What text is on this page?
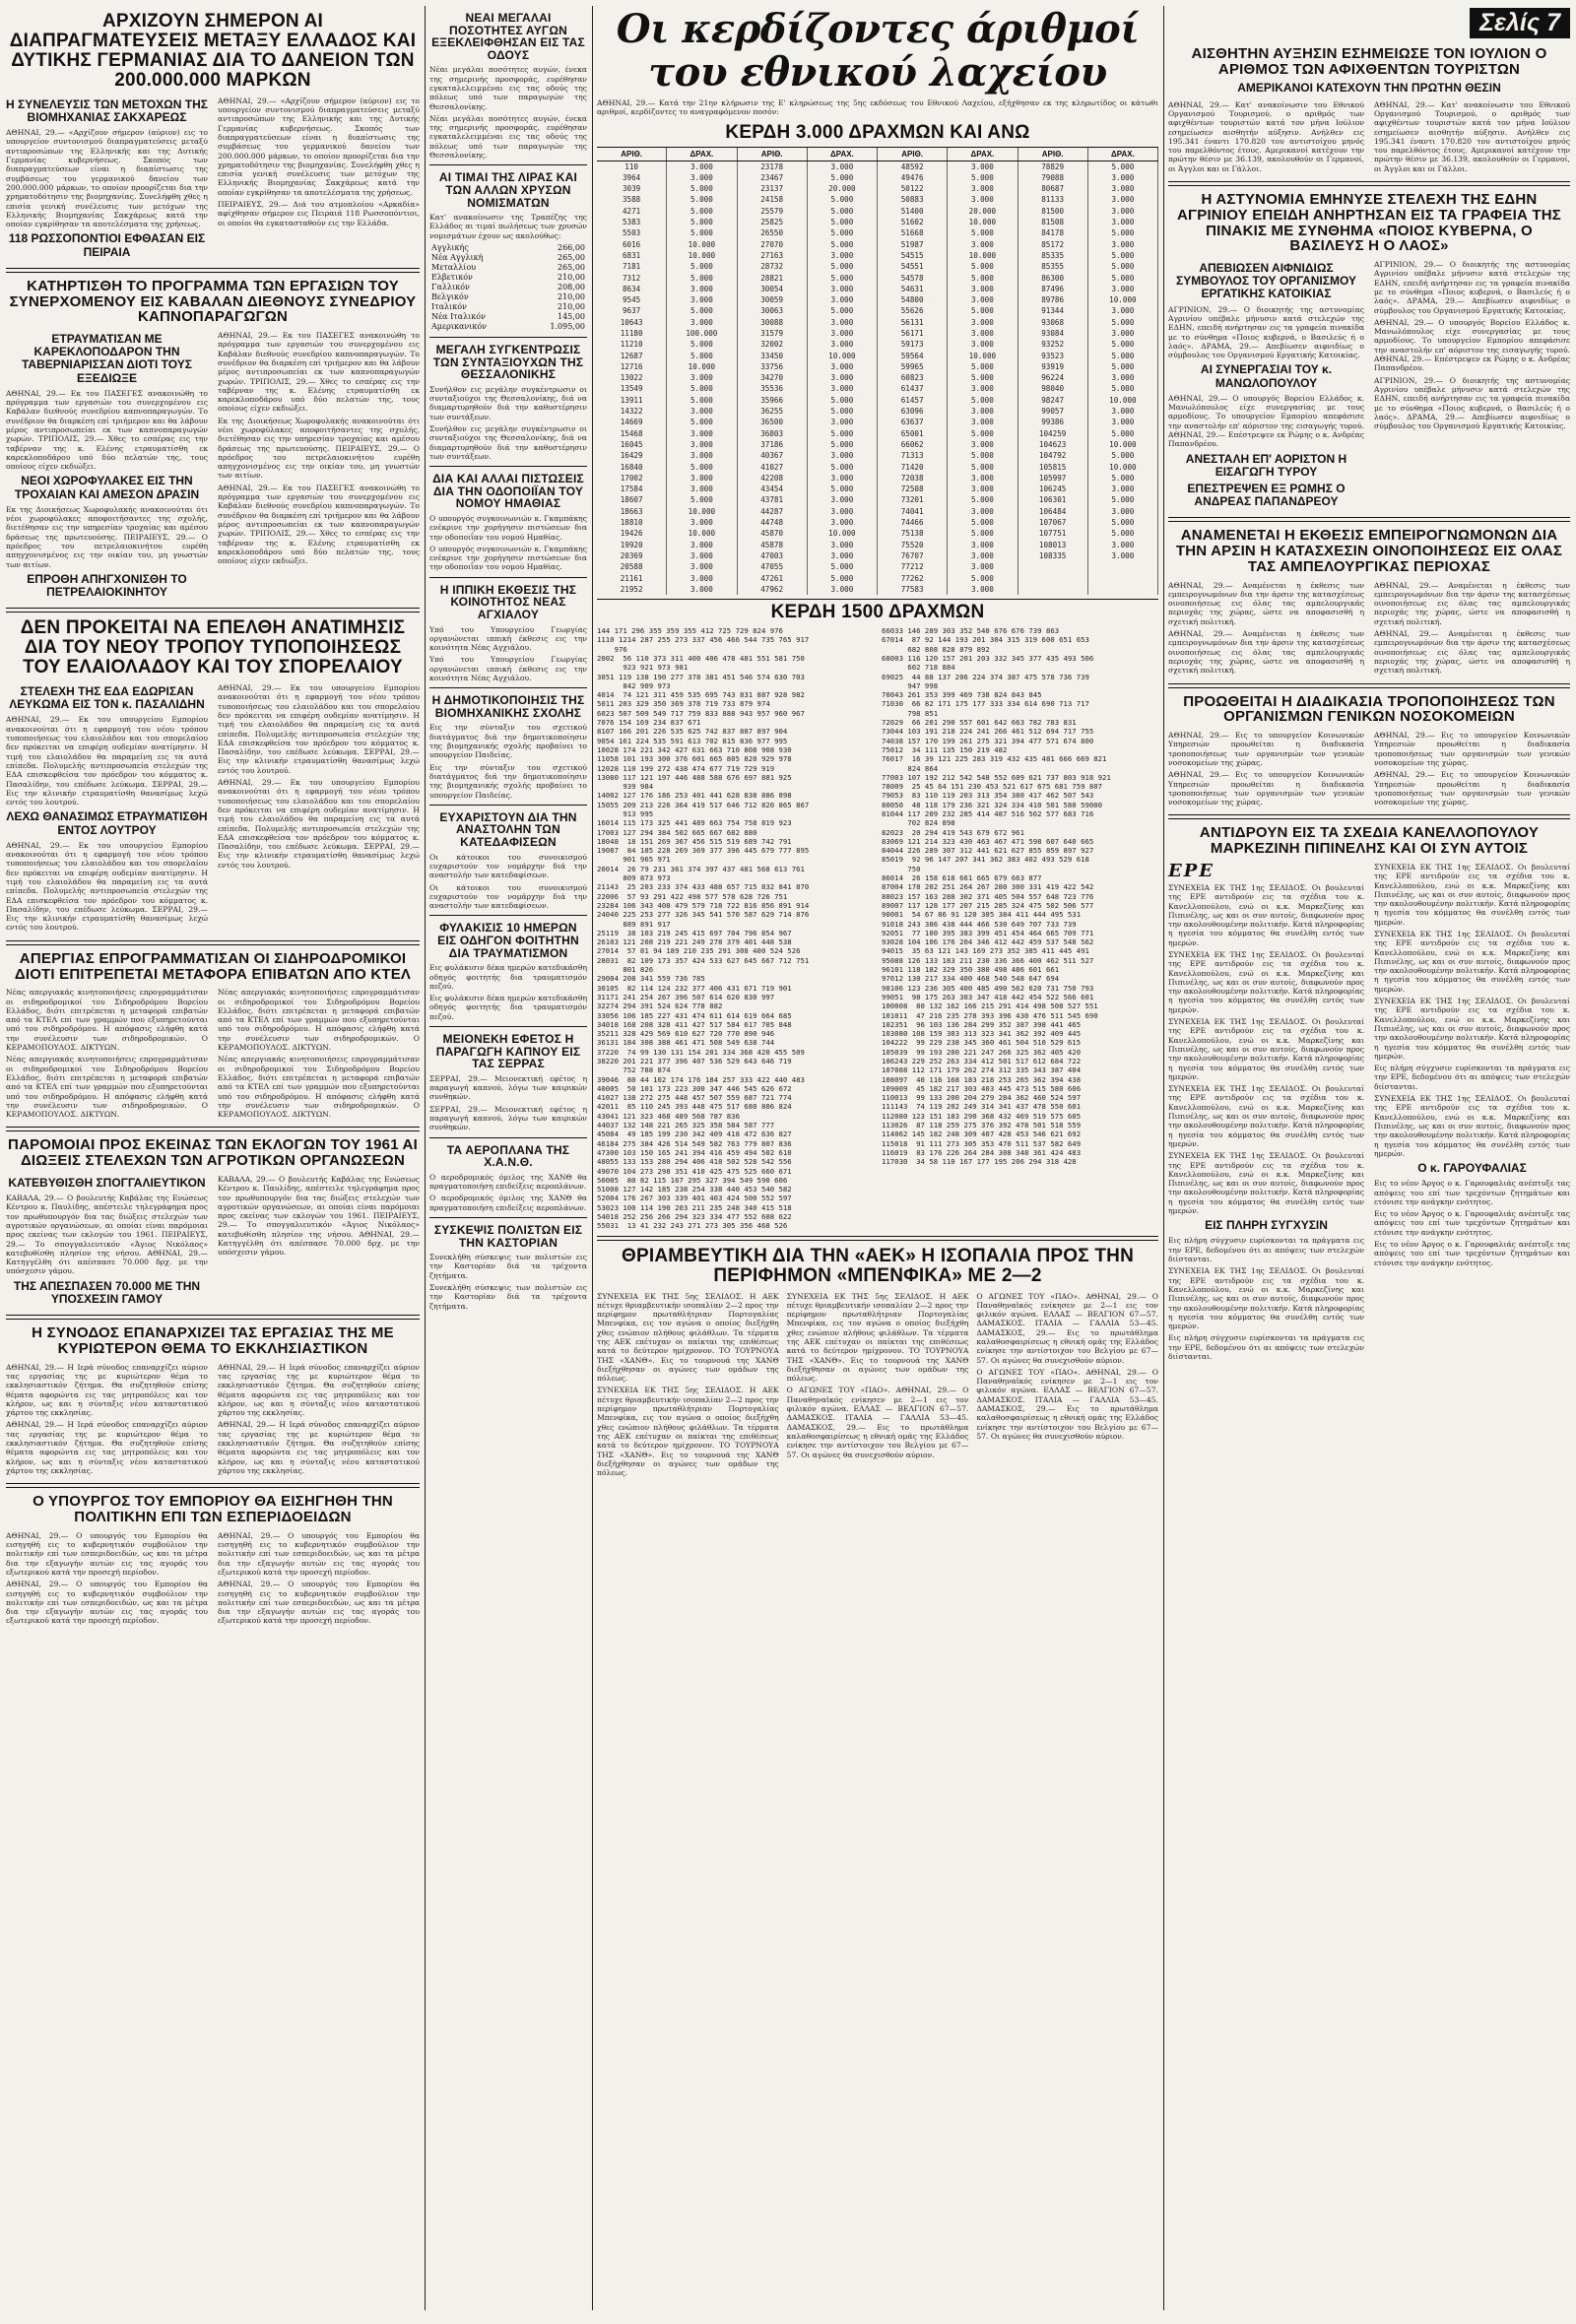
ΑΡΧΙΖΟΥΝ ΣΗΜΕΡΟΝ ΑΙ ΔΙΑΠΡΑΓΜΑΤΕΥΣΕΙΣ ΜΕΤΑΞΥ ΕΛΛΑΔΟΣ ΚΑΙ ΔΥΤΙΚΗΣ ΓΕΡΜΑΝΙΑΣ ΔΙΑ ΤΟ ΔΑΝΕΙΟΝ ΤΩΝ 200.000.000 ΜΑΡΚΩΝ
Η ΣΥΝΕΛΕΥΣΙΣ ΤΩΝ ΜΕΤΟΧΩΝ ΤΗΣ ΒΙΟΜΗΧΑΝΙΑΣ ΣΑΚΧΑΡΕΩΣ
ΑΘΗΝΑΙ, 29.— «Αρχίζουν σήμερον (αύριον) εις το υπουργείον συντονισμού διαπραγματεύσεις μεταξύ αντιπροσώπων της Ελληνικής και της Δυτικής Γερμανίας κυβερνήσεως. Σκοπός των διαπραγματεύσεων είναι η διαπίστωσις της συμβάσεως του γερμανικού δανείου των 200.000.000 μάρκων, το οποίον προορίζεται δια την χρηματοδότησιν της βιομηχανίας. Συνελήφθη χθες η επισία γενική συνέλευσις των μετόχων της Ελληνικής Βιομηχανίας Σακχάρεως κατά την οποίαν εγκρίθησαν τα αποτελέσματα της χρήσεως.
118 ΡΩΣΣΟΠΟΝΤΙΟΙ ΕΦΘΑΣΑΝ ΕΙΣ ΠΕΙΡΑΙΑ
ΑΘΗΝΑΙ, 29.— «Αρχίζουν σήμερον (αύριον) εις το υπουργείον συντονισμού διαπραγματεύσεις μεταξύ αντιπροσώπων της Ελληνικής και της Δυτικής Γερμανίας κυβερνήσεως. Σκοπός των διαπραγματεύσεων είναι η διαπίστωσις της συμβάσεως του γερμανικού δανείου των 200.000.000 μάρκων, το οποίον προορίζεται δια την χρηματοδότησιν της βιομηχανίας. Συνελήφθη χθες η επισία γενική συνέλευσις των μετόχων της Ελληνικής Βιομηχανίας Σακχάρεως κατά την οποίαν εγκρίθησαν τα αποτελέσματα της χρήσεως.
ΠΕΙΡΑΙΕΥΣ, 29.— Διά του ατμοπλοίου «Αρκαδία» αφίχθησαν σήμερον εις Πειραιά 118 Ρωσσοπόντιοι, οι οποίοι θα εγκατασταθούν εις την Ελλάδα.
ΚΑΤΗΡΤΙΣΘΗ ΤΟ ΠΡΟΓΡΑΜΜΑ ΤΩΝ ΕΡΓΑΣΙΩΝ ΤΟΥ ΣΥΝΕΡΧΟΜΕΝΟΥ ΕΙΣ ΚΑΒΑΛΑΝ ΔΙΕΘΝΟΥΣ ΣΥΝΕΔΡΙΟΥ ΚΑΠΝΟΠΑΡΑΓΩΓΩΝ
ΕΤΡΑΥΜΑΤΙΣΑΝ ΜΕ ΚΑΡΕΚΛΟΠΟΔΑΡΟΝ ΤΗΝ ΤΑΒΕΡΝΙΑΡΙΣΣΑΝ ΔΙΟΤΙ ΤΟΥΣ ΕΞΕΔΙΩΞΕ
ΑΘΗΝΑΙ, 29.— Εκ του ΠΑΣΕΓΕΣ ανακοινώθη το πρόγραμμα των εργασιών του συνερχομένου εις Καβάλαν διεθνούς συνεδρίου καπνοπαραγωγών. Το συνέδριον θα διαρκέση επί τριήμερον και θα λάβουν μέρος αντιπροσωπείαι εκ των καπνοπαραγωγών χωρών. ΤΡΙΠΟΛΙΣ, 29.— Χθες το εσπέρας εις την ταβέρναν της κ. Ελένης ετραυματίσθη εκ καρεκλοποδάρου υπό δύο πελατών της, τους οποίους είχεν εκδιώξει.
ΝΕΟΙ ΧΩΡΟΦΥΛΑΚΕΣ ΕΙΣ ΤΗΝ ΤΡΟΧΑΙΑΝ ΚΑΙ ΑΜΕΣΟΝ ΔΡΑΣΙΝ
Εκ της Διοικήσεως Χωροφυλακής ανακοινούται ότι νέοι χωροφύλακες αποφοιτήσαντες της σχολής, διετέθησαν εις την υπηρεσίαν τροχαίας και αμέσου δράσεως της πρωτευούσης. ΠΕΙΡΑΙΕΥΣ, 29.— Ο πρόεδρος του πετρελαιοκινήτου ευρέθη απηγχονισμένος εις την οικίαν του, μη γνωστών των αιτίων.
ΕΠΡΟΘΗ ΑΠΗΓΧΟΝΙΣΘΗ ΤΟ ΠΕΤΡΕΛΑΙΟΚΙΝΗΤΟΥ
ΑΘΗΝΑΙ, 29.— Εκ του ΠΑΣΕΓΕΣ ανακοινώθη το πρόγραμμα των εργασιών του συνερχομένου εις Καβάλαν διεθνούς συνεδρίου καπνοπαραγωγών. Το συνέδριον θα διαρκέση επί τριήμερον και θα λάβουν μέρος αντιπροσωπείαι εκ των καπνοπαραγωγών χωρών. ΤΡΙΠΟΛΙΣ, 29.— Χθες το εσπέρας εις την ταβέρναν της κ. Ελένης ετραυματίσθη εκ καρεκλοποδάρου υπό δύο πελατών της, τους οποίους είχεν εκδιώξει.
Εκ της Διοικήσεως Χωροφυλακής ανακοινούται ότι νέοι χωροφύλακες αποφοιτήσαντες της σχολής, διετέθησαν εις την υπηρεσίαν τροχαίας και αμέσου δράσεως της πρωτευούσης. ΠΕΙΡΑΙΕΥΣ, 29.— Ο πρόεδρος του πετρελαιοκινήτου ευρέθη απηγχονισμένος εις την οικίαν του, μη γνωστών των αιτίων.
ΑΘΗΝΑΙ, 29.— Εκ του ΠΑΣΕΓΕΣ ανακοινώθη το πρόγραμμα των εργασιών του συνερχομένου εις Καβάλαν διεθνούς συνεδρίου καπνοπαραγωγών. Το συνέδριον θα διαρκέση επί τριήμερον και θα λάβουν μέρος αντιπροσωπείαι εκ των καπνοπαραγωγών χωρών. ΤΡΙΠΟΛΙΣ, 29.— Χθες το εσπέρας εις την ταβέρναν της κ. Ελένης ετραυματίσθη εκ καρεκλοποδάρου υπό δύο πελατών της, τους οποίους είχεν εκδιώξει.
ΔΕΝ ΠΡΟΚΕΙΤΑΙ ΝΑ ΕΠΕΛΘΗ ΑΝΑΤΙΜΗΣΙΣ ΔΙΑ ΤΟΥ ΝΕΟΥ ΤΡΟΠΟΥ ΤΥΠΟΠΟΙΗΣΕΩΣ ΤΟΥ ΕΛΑΙΟΛΑΔΟΥ ΚΑΙ ΤΟΥ ΣΠΟΡΕΛΑΙΟΥ
ΣΤΕΛΕΧΗ ΤΗΣ ΕΔΑ ΕΔΩΡΙΣΑΝ ΛΕΥΚΩΜΑ ΕΙΣ ΤΟΝ κ. ΠΑΣΑΛΙΔΗΝ
ΑΘΗΝΑΙ, 29.— Εκ του υπουργείου Εμπορίου ανακοινούται ότι η εφαρμογή του νέου τρόπου τυποποιήσεως του ελαιολάδου και του σπορελαίου δεν πρόκειται να επιφέρη ουδεμίαν ανατίμησιν. Η τιμή του ελαιολάδου θα παραμείνη εις τα αυτά επίπεδα. Πολυμελής αντιπροσωπεία στελεχών της ΕΔΑ επισκεφθείσα τον πρόεδρον του κόμματος κ. Πασαλίδην, του επέδωσε λεύκωμα. ΣΕΡΡΑΙ, 29.— Εις την κλινικήν ετραυματίσθη θανασίμως λεχώ εντός του λουτρού.
ΛΕΧΩ ΘΑΝΑΣΙΜΩΣ ΕΤΡΑΥΜΑΤΙΣΘΗ ΕΝΤΟΣ ΛΟΥΤΡΟΥ
ΑΘΗΝΑΙ, 29.— Εκ του υπουργείου Εμπορίου ανακοινούται ότι η εφαρμογή του νέου τρόπου τυποποιήσεως του ελαιολάδου και του σπορελαίου δεν πρόκειται να επιφέρη ουδεμίαν ανατίμησιν. Η τιμή του ελαιολάδου θα παραμείνη εις τα αυτά επίπεδα. Πολυμελής αντιπροσωπεία στελεχών της ΕΔΑ επισκεφθείσα τον πρόεδρον του κόμματος κ. Πασαλίδην, του επέδωσε λεύκωμα. ΣΕΡΡΑΙ, 29.— Εις την κλινικήν ετραυματίσθη θανασίμως λεχώ εντός του λουτρού.
ΑΘΗΝΑΙ, 29.— Εκ του υπουργείου Εμπορίου ανακοινούται ότι η εφαρμογή του νέου τρόπου τυποποιήσεως του ελαιολάδου και του σπορελαίου δεν πρόκειται να επιφέρη ουδεμίαν ανατίμησιν. Η τιμή του ελαιολάδου θα παραμείνη εις τα αυτά επίπεδα. Πολυμελής αντιπροσωπεία στελεχών της ΕΔΑ επισκεφθείσα τον πρόεδρον του κόμματος κ. Πασαλίδην, του επέδωσε λεύκωμα. ΣΕΡΡΑΙ, 29.— Εις την κλινικήν ετραυματίσθη θανασίμως λεχώ εντός του λουτρού.
ΑΘΗΝΑΙ, 29.— Εκ του υπουργείου Εμπορίου ανακοινούται ότι η εφαρμογή του νέου τρόπου τυποποιήσεως του ελαιολάδου και του σπορελαίου δεν πρόκειται να επιφέρη ουδεμίαν ανατίμησιν. Η τιμή του ελαιολάδου θα παραμείνη εις τα αυτά επίπεδα. Πολυμελής αντιπροσωπεία στελεχών της ΕΔΑ επισκεφθείσα τον πρόεδρον του κόμματος κ. Πασαλίδην, του επέδωσε λεύκωμα. ΣΕΡΡΑΙ, 29.— Εις την κλινικήν ετραυματίσθη θανασίμως λεχώ εντός του λουτρού.
ΑΠΕΡΓΙΑΣ ΕΠΡΟΓΡΑΜΜΑΤΙΣΑΝ ΟΙ ΣΙΔΗΡΟΔΡΟΜΙΚΟΙ ΔΙΟΤΙ ΕΠΙΤΡΕΠΕΤΑΙ ΜΕΤΑΦΟΡΑ ΕΠΙΒΑΤΩΝ ΑΠΟ ΚΤΕΛ
Νέας απεργιακάς κινητοποιήσεις επρογραμμάτισαν οι σιδηροδρομικοί του Σιδηροδρόμου Βορείου Ελλάδος, διότι επιτρέπεται η μεταφορά επιβατών από τα ΚΤΕΛ επί των γραμμών που εξυπηρετούνται υπό του σιδηροδρόμου. Η απόφασις ελήφθη κατά την συνέλευσιν των σιδηροδρομικών. Ο ΚΕΡΑΜΟΠΟΥΛΟΣ. ΔΙΚΤΥΩΝ.
Νέας απεργιακάς κινητοποιήσεις επρογραμμάτισαν οι σιδηροδρομικοί του Σιδηροδρόμου Βορείου Ελλάδος, διότι επιτρέπεται η μεταφορά επιβατών από τα ΚΤΕΛ επί των γραμμών που εξυπηρετούνται υπό του σιδηροδρόμου. Η απόφασις ελήφθη κατά την συνέλευσιν των σιδηροδρομικών. Ο ΚΕΡΑΜΟΠΟΥΛΟΣ. ΔΙΚΤΥΩΝ.
Νέας απεργιακάς κινητοποιήσεις επρογραμμάτισαν οι σιδηροδρομικοί του Σιδηροδρόμου Βορείου Ελλάδος, διότι επιτρέπεται η μεταφορά επιβατών από τα ΚΤΕΛ επί των γραμμών που εξυπηρετούνται υπό του σιδηροδρόμου. Η απόφασις ελήφθη κατά την συνέλευσιν των σιδηροδρομικών. Ο ΚΕΡΑΜΟΠΟΥΛΟΣ. ΔΙΚΤΥΩΝ.
Νέας απεργιακάς κινητοποιήσεις επρογραμμάτισαν οι σιδηροδρομικοί του Σιδηροδρόμου Βορείου Ελλάδος, διότι επιτρέπεται η μεταφορά επιβατών από τα ΚΤΕΛ επί των γραμμών που εξυπηρετούνται υπό του σιδηροδρόμου. Η απόφασις ελήφθη κατά την συνέλευσιν των σιδηροδρομικών. Ο ΚΕΡΑΜΟΠΟΥΛΟΣ. ΔΙΚΤΥΩΝ.
ΠΑΡΟΜΟΙΑΙ ΠΡΟΣ ΕΚΕΙΝΑΣ ΤΩΝ ΕΚΛΟΓΩΝ ΤΟΥ 1961 ΑΙ ΔΙΩΞΕΙΣ ΣΤΕΛΕΧΩΝ ΤΩΝ ΑΓΡΟΤΙΚΩΝ ΟΡΓΑΝΩΣΕΩΝ
ΚΑΤΕΒΥΘΙΣΘΗ ΣΠΟΓΓΑΛΙΕΥΤΙΚΟΝ
ΚΑΒΑΛΑ, 29.— Ο βουλευτής Καβάλας της Ενώσεως Κέντρου κ. Παυλίδης, απέστειλε τηλεγράφημα προς τον πρωθυπουργόν δια τας διώξεις στελεχών των αγροτικών οργανώσεων, αι οποίαι είναι παρόμοιαι προς εκείνας των εκλογών του 1961. ΠΕΙΡΑΙΕΥΣ, 29.— Το σπογγαλιευτικόν «Άγιος Νικόλαος» κατεβυθίσθη πλησίον της νήσου. ΑΘΗΝΑΙ, 29.— Κατηγγέλθη ότι απέσπασε 70.000 δρχ. με την υπόσχεσιν γάμου.
ΤΗΣ ΑΠΕΣΠΑΣΕΝ 70.000 ΜΕ ΤΗΝ ΥΠΟΣΧΕΣΙΝ ΓΑΜΟΥ
ΚΑΒΑΛΑ, 29.— Ο βουλευτής Καβάλας της Ενώσεως Κέντρου κ. Παυλίδης, απέστειλε τηλεγράφημα προς τον πρωθυπουργόν δια τας διώξεις στελεχών των αγροτικών οργανώσεων, αι οποίαι είναι παρόμοιαι προς εκείνας των εκλογών του 1961. ΠΕΙΡΑΙΕΥΣ, 29.— Το σπογγαλιευτικόν «Άγιος Νικόλαος» κατεβυθίσθη πλησίον της νήσου. ΑΘΗΝΑΙ, 29.— Κατηγγέλθη ότι απέσπασε 70.000 δρχ. με την υπόσχεσιν γάμου.
Η ΣΥΝΟΔΟΣ ΕΠΑΝΑΡΧΙΖΕΙ ΤΑΣ ΕΡΓΑΣΙΑΣ ΤΗΣ ΜΕ ΚΥΡΙΩΤΕΡΟΝ ΘΕΜΑ ΤΟ ΕΚΚΛΗΣΙΑΣΤΙΚΟΝ
ΑΘΗΝΑΙ, 29.— Η Ιερά σύνοδος επαναρχίζει αύριον τας εργασίας της με κυριώτερον θέμα το εκκλησιαστικόν ζήτημα. Θα συζητηθούν επίσης θέματα αφορώντα εις τας μητροπόλεις και τον κλήρον, ως και η σύνταξις νέου καταστατικού χάρτου της εκκλησίας.
ΑΘΗΝΑΙ, 29.— Η Ιερά σύνοδος επαναρχίζει αύριον τας εργασίας της με κυριώτερον θέμα το εκκλησιαστικόν ζήτημα. Θα συζητηθούν επίσης θέματα αφορώντα εις τας μητροπόλεις και τον κλήρον, ως και η σύνταξις νέου καταστατικού χάρτου της εκκλησίας.
ΑΘΗΝΑΙ, 29.— Η Ιερά σύνοδος επαναρχίζει αύριον τας εργασίας της με κυριώτερον θέμα το εκκλησιαστικόν ζήτημα. Θα συζητηθούν επίσης θέματα αφορώντα εις τας μητροπόλεις και τον κλήρον, ως και η σύνταξις νέου καταστατικού χάρτου της εκκλησίας.
ΑΘΗΝΑΙ, 29.— Η Ιερά σύνοδος επαναρχίζει αύριον τας εργασίας της με κυριώτερον θέμα το εκκλησιαστικόν ζήτημα. Θα συζητηθούν επίσης θέματα αφορώντα εις τας μητροπόλεις και τον κλήρον, ως και η σύνταξις νέου καταστατικού χάρτου της εκκλησίας.
Ο ΥΠΟΥΡΓΟΣ ΤΟΥ ΕΜΠΟΡΙΟΥ ΘΑ ΕΙΣΗΓΗΘΗ ΤΗΝ ΠΟΛΙΤΙΚΗΝ ΕΠΙ ΤΩΝ ΕΣΠΕΡΙΔΟΕΙΔΩΝ
ΑΘΗΝΑΙ, 29.— Ο υπουργός του Εμπορίου θα εισηγηθή εις το κυβερνητικόν συμβούλιον την πολιτικήν επί των εσπεριδοειδών, ως και τα μέτρα δια την εξαγωγήν αυτών εις τας αγοράς του εξωτερικού κατά την προσεχή περίοδον.
ΑΘΗΝΑΙ, 29.— Ο υπουργός του Εμπορίου θα εισηγηθή εις το κυβερνητικόν συμβούλιον την πολιτικήν επί των εσπεριδοειδών, ως και τα μέτρα δια την εξαγωγήν αυτών εις τας αγοράς του εξωτερικού κατά την προσεχή περίοδον.
ΑΘΗΝΑΙ, 29.— Ο υπουργός του Εμπορίου θα εισηγηθή εις το κυβερνητικόν συμβούλιον την πολιτικήν επί των εσπεριδοειδών, ως και τα μέτρα δια την εξαγωγήν αυτών εις τας αγοράς του εξωτερικού κατά την προσεχή περίοδον.
ΑΘΗΝΑΙ, 29.— Ο υπουργός του Εμπορίου θα εισηγηθή εις το κυβερνητικόν συμβούλιον την πολιτικήν επί των εσπεριδοειδών, ως και τα μέτρα δια την εξαγωγήν αυτών εις τας αγοράς του εξωτερικού κατά την προσεχή περίοδον.
ΝΕΑΙ ΜΕΓΑΛΑΙ ΠΟΣΟΤΗΤΕΣ ΑΥΓΩΝ ΕΞΕΚΛΕΙΦΘΗΣΑΝ ΕΙΣ ΤΑΣ ΟΔΟΥΣ
Νέαι μεγάλαι ποσότητες αυγών, ένεκα της σημερινής προσφοράς, ευρέθησαν εγκαταλελειμμέναι εις τας οδούς της πόλεως υπό των παραγωγών της Θεσσαλονίκης.
Νέαι μεγάλαι ποσότητες αυγών, ένεκα της σημερινής προσφοράς, ευρέθησαν εγκαταλελειμμέναι εις τας οδούς της πόλεως υπό των παραγωγών της Θεσσαλονίκης.
ΑΙ ΤΙΜΑΙ ΤΗΣ ΛΙΡΑΣ ΚΑΙ ΤΩΝ ΑΛΛΩΝ ΧΡΥΣΩΝ ΝΟΜΙΣΜΑΤΩΝ
Κατ' ανακοίνωσιν της Τραπέζης της Ελλάδος αι τιμαί πωλήσεως των χρυσών νομισμάτων έχουν ως ακολούθως:
Αγγλικής	266,00
Νέα Αγγλική	265,00
Μεταλλίου	265,00
Ελβετικόν	210,00
Γαλλικόν	208,00
Βελγικόν	210,00
Ιταλικόν	210,00
Νέα Ιταλικόν	145,00
Αμερικανικόν	1.095,00
ΜΕΓΑΛΗ ΣΥΓΚΕΝΤΡΩΣΙΣ ΤΩΝ ΣΥΝΤΑΞΙΟΥΧΩΝ ΤΗΣ ΘΕΣΣΑΛΟΝΙΚΗΣ
Συνήλθον εις μεγάλην συγκέντρωσιν οι συνταξιούχοι της Θεσσαλονίκης, διά να διαμαρτυρηθούν διά την καθυστέρησιν των συντάξεων.
Συνήλθον εις μεγάλην συγκέντρωσιν οι συνταξιούχοι της Θεσσαλονίκης, διά να διαμαρτυρηθούν διά την καθυστέρησιν των συντάξεων.
ΔΙΑ ΚΑΙ ΑΛΛΑΙ ΠΙΣΤΩΣΕΙΣ ΔΙΑ ΤΗΝ ΟΔΟΠΟΙΪΑΝ ΤΟΥ ΝΟΜΟΥ ΗΜΑΘΙΑΣ
Ο υπουργός συγκοινωνιών κ. Γκαμπάκης ενέκρινε την χορήγησιν πιστώσεων δια την οδοποιΐαν του νομού Ημαθίας.
Ο υπουργός συγκοινωνιών κ. Γκαμπάκης ενέκρινε την χορήγησιν πιστώσεων δια την οδοποιΐαν του νομού Ημαθίας.
Η ΙΠΠΙΚΗ ΕΚΘΕΣΙΣ ΤΗΣ ΚΟΙΝΟΤΗΤΟΣ ΝΕΑΣ ΑΓΧΙΑΛΟΥ
Υπό του Υπουργείου Γεωργίας οργανώνεται ιππική έκθεσις εις την κοινότητα Νέας Αγχιάλου.
Υπό του Υπουργείου Γεωργίας οργανώνεται ιππική έκθεσις εις την κοινότητα Νέας Αγχιάλου.
Η ΔΗΜΟΤΙΚΟΠΟΙΗΣΙΣ ΤΗΣ ΒΙΟΜΗΧΑΝΙΚΗΣ ΣΧΟΛΗΣ
Εις την σύνταξιν του σχετικού διατάγματος διά την δημοτικοποίησιν της βιομηχανικής σχολής προβαίνει το υπουργείον Παιδείας.
Εις την σύνταξιν του σχετικού διατάγματος διά την δημοτικοποίησιν της βιομηχανικής σχολής προβαίνει το υπουργείον Παιδείας.
ΕΥΧΑΡΙΣΤΟΥΝ ΔΙΑ ΤΗΝ ΑΝΑΣΤΟΛΗΝ ΤΩΝ ΚΑΤΕΔΑΦΙΣΕΩΝ
Οι κάτοικοι του συνοικισμού ευχαριστούν τον νομάρχην διά την αναστολήν των κατεδαφίσεων.
Οι κάτοικοι του συνοικισμού ευχαριστούν τον νομάρχην διά την αναστολήν των κατεδαφίσεων.
ΦΥΛΑΚΙΣΙΣ 10 ΗΜΕΡΩΝ ΕΙΣ ΟΔΗΓΟΝ ΦΟΙΤΗΤΗΝ ΔΙΑ ΤΡΑΥΜΑΤΙΣΜΟΝ
Εις φυλάκισιν δέκα ημερών κατεδικάσθη οδηγός φοιτητής δια τραυματισμόν πεζού.
Εις φυλάκισιν δέκα ημερών κατεδικάσθη οδηγός φοιτητής δια τραυματισμόν πεζού.
ΜΕΙΟΝΕΚΗ ΕΦΕΤΟΣ Η ΠΑΡΑΓΩΓΗ ΚΑΠΝΟΥ ΕΙΣ ΤΑΣ ΣΕΡΡΑΣ
ΣΕΡΡΑΙ, 29.— Μειονεκτική εφέτος η παραγωγή καπνού, λόγω των καιρικών συνθηκών.
ΣΕΡΡΑΙ, 29.— Μειονεκτική εφέτος η παραγωγή καπνού, λόγω των καιρικών συνθηκών.
ΤΑ ΑΕΡΟΠΛΑΝΑ ΤΗΣ Χ.Α.Ν.Θ.
Ο αεροδρομικός όμιλος της ΧΑΝΘ θα πραγματοποιήση επιδείξεις αεροπλάνων.
Ο αεροδρομικός όμιλος της ΧΑΝΘ θα πραγματοποιήση επιδείξεις αεροπλάνων.
ΣΥΣΚΕΨΙΣ ΠΟΛΙΣΤΩΝ ΕΙΣ ΤΗΝ ΚΑΣΤΟΡΙΑΝ
Συνεκλήθη σύσκεψις των πολιστών εις την Καστορίαν διά τα τρέχοντα ζητήματα.
Συνεκλήθη σύσκεψις των πολιστών εις την Καστορίαν διά τα τρέχοντα ζητήματα.
Οι κερδίζοντες άριθμοί του εθνικού λαχείου
ΑΘΗΝΑΙ, 29.— Κατά την 21ην κλήρωσιν της Ε' κληρώσεως της 5ης εκδόσεως του Εθνικού Λαχείου, εξήχθησαν εκ της κληρωτίδος οι κάτωθι αριθμοί, κερδίζοντες το αναγραφόμενον ποσόν:
ΚΕΡΔΗ 3.000 ΔΡΑΧΜΩΝ ΚΑΙ ΑΝΩ
ΑΡΙΘ.	ΔΡΑΧ.	ΑΡΙΘ.	ΔΡΑΧ.	ΑΡΙΘ.	ΔΡΑΧ.	ΑΡΙΘ.	ΔΡΑΧ.
110
3964
3039
3588
4271
5383
5503
6016
6831
7181
7312
8634
9545
9637
10643
11180
11210
12687
12716
13022
13549
13911
14322
14669
15468
16045
16429
16840
17002
17584
18607
18663
18810
19426
19920
20369
20588
21161
21952
3.000
3.000
5.000
5.000
5.000
5.000
5.000
10.000
10.000
5.000
5.000
3.000
3.000
5.000
3.000
100.000
5.000
5.000
10.000
3.000
5.000
5.000
3.000
5.000
3.000
3.000
3.000
5.000
3.000
3.000
5.000
10.000
3.000
10.000
3.000
3.000
3.000
3.000
3.000
23178
23467
23137
24158
25579
25825
26550
27070
27163
28732
28821
30054
30059
30063
30088
31579
32002
33450
33756
34270
35536
35966
36255
36500
36803
37186
40367
41027
42208
43454
43781
44287
44748
45870
45878
47003
47055
47261
47962
3.000
5.000
20.000
5.000
5.000
5.000
5.000
5.000
3.000
5.000
5.000
3.000
3.000
5.000
3.000
3.000
3.000
10.000
3.000
3.000
3.000
5.000
5.000
3.000
5.000
5.000
3.000
5.000
3.000
5.000
3.000
3.000
3.000
10.000
3.000
3.000
5.000
5.000
3.000
48592
49476
50122
50883
51400
51602
51668
51987
54515
54551
54578
54631
54800
55626
56131
56171
59173
59564
59965
60823
61437
61457
63096
63637
65001
66062
71313
71420
72038
72508
73201
74041
74466
75138
75520
76707
77212
77262
77583
3.000
5.000
3.000
3.000
20.000
10.000
5.000
3.000
10.000
5.000
5.000
3.000
3.000
5.000
3.000
3.000
3.000
10.000
5.000
5.000
3.000
5.000
3.000
3.000
5.000
3.000
5.000
5.000
3.000
3.000
5.000
3.000
5.000
5.000
3.000
3.000
3.000
5.000
3.000
78829
79088
80687
81133
81500
81508
84178
85172
85335
85355
86300
87496
89786
91344
93068
93084
93252
93523
93919
96224
98040
98247
99057
99386
104259
104623
104792
105815
105997
106245
106301
106484
107067
107751
108013
108335
5.000
3.000
3.000
3.000
3.000
3.000
5.000
3.000
5.000
5.000
5.000
3.000
10.000
3.000
5.000
3.000
5.000
5.000
5.000
3.000
5.000
10.000
3.000
3.000
5.000
10.000
5.000
10.000
5.000
3.000
5.000
3.000
5.000
5.000
3.000
3.000
ΚΕΡΔΗ 1500 ΔΡΑΧΜΩΝ
144 171 296 355 359 355 412 725 729 824 976
1110 1214 287 255 273 337 456 466 544 735 765 917
976
2002  56 110 373 311 400 406 478 481 551 581 750
923 921 973 981
3051 119 138 190 277 378 381 451 546 574 630 703
842 909 973
4014  74 121 311 459 535 695 743 831 887 928 982
5011 203 329 350 369 378 719 733 879 974
6023 507 509 549 717 759 833 888 943 957 960 967
7076 154 169 234 837 671
8107 166 201 226 535 625 742 837 887 897 904
9054 161 224 535 591 613 702 815 836 977 995
10028 174 221 342 427 631 663 710 808 908 930
11058 101 193 300 376 601 665 805 820 929 978
12028 110 199 272 438 474 677 719 729 919
13080 117 121 197 446 488 588 676 697 881 925
939 984
14002 127 176 186 253 401 441 628 838 886 898
15055 209 213 226 364 419 517 646 712 820 865 867
913 995
16014 115 173 325 441 489 663 754 758 819 923
17003 127 294 384 502 665 667 682 880
18048  18 151 269 367 456 515 519 689 742 791
19087  84 185 228 269 369 377 396 445 679 777 895
901 965 971
20014  26 79 231 361 374 397 437 481 568 613 761
809 873 973
21143  25 203 233 374 433 488 657 715 832 841 870
22006  57 93 291 422 498 577 578 628 726 751
23284 106 343 408 479 579 718 722 816 856 891 914
24040 225 253 277 326 345 541 570 587 629 714 876
889 891 917
25119  38 103 219 245 415 697 704 796 854 967
26103 121 208 219 221 249 278 379 401 448 538
27014  57 81 94 189 210 235 291 308 400 524 526
28031  82 109 173 357 424 533 627 645 667 712 751
801 826
29004 208 341 559 736 785
30105  82 114 124 232 377 406 431 671 719 901
31171 241 254 267 396 507 614 620 830 997
32274 294 391 524 624 778 882
33056 106 185 227 431 474 611 614 619 664 685
34018 168 208 328 411 427 517 584 617 705 848
35211 328 429 569 610 627 720 770 890 946
36131 184 308 388 461 471 508 549 638 744
37220  74 99 130 131 154 201 334 368 420 455 509
38220 201 221 377 396 407 536 529 643 646 719
752 788 874
39046  80 44 102 174 176 184 257 333 422 440 483
40005  50 101 173 223 300 347 446 545 626 672
41027 138 272 275 448 457 507 559 687 721 774
42011  85 110 245 393 448 475 517 680 806 824
43041 121 323 468 489 568 787 836
44037 132 148 221 265 325 358 584 587 777
45084  49 185 199 230 342 409 418 472 636 827
46184 275 384 426 514 549 582 763 779 807 836
47300 103 150 165 241 394 416 459 494 502 610
48055 133 153 280 294 406 418 502 528 542 556
49070 104 273 298 351 410 425 475 525 660 671
50005  80 82 115 167 295 327 394 549 590 606
51008 127 142 185 238 254 338 440 453 540 582
52004 176 267 303 339 401 403 424 500 552 597
53023 100 114 190 203 211 235 248 340 415 518
54018 252 256 266 294 323 334 477 552 608 622
55031  13 41 232 243 271 273 305 356 468 526
66033 146 289 303 352 540 676 676 739 863
67014  87 92 144 193 201 304 315 319 600 651 653
682 808 828 879 892
68003 116 120 157 201 203 332 345 377 435 493 506
602 718 884
69025  44 88 137 206 224 374 387 475 578 736 739
947 998
70043 261 353 399 469 738 824 843 845
71030  66 82 171 175 177 333 334 614 690 713 717
798 851
72029  66 201 290 557 601 642 663 782 783 831
73044 103 191 218 224 241 266 461 512 694 717 755
74038 157 170 199 261 275 321 394 477 571 674 800
75012  34 111 135 150 219 482
76017  16 39 121 225 283 319 432 435 481 666 669 821
824 864
77003 107 192 212 542 548 552 609 621 737 803 918 921
78009  25 45 64 151 230 453 521 617 675 681 759 807
79053  83 110 119 203 313 354 380 417 462 507 543
80050  48 118 179 236 321 324 334 410 501 580 59000
81044 117 209 232 285 414 487 516 562 577 683 716
702 824 898
82023  20 294 419 543 679 672 961
83069 121 214 323 430 463 467 471 598 607 640 665
84044 226 289 307 312 441 621 627 855 859 897 927
85019  92 96 147 207 341 362 383 402 493 529 618
750
86014  26 158 618 661 665 679 663 877
87004 178 202 251 264 267 280 300 331 419 422 542
88023 157 163 288 302 371 405 504 557 648 723 776
89007 117 128 177 207 215 285 324 475 502 506 577
90001  54 67 86 91 120 305 384 411 444 495 531
91018 243 386 438 444 466 530 649 707 733 739
92051  77 100 395 383 399 451 454 464 665 709 771
93028 104 106 176 204 346 412 442 459 537 548 562
94015  35 63 121 143 169 273 352 385 411 445 491
95088 126 133 183 211 230 336 366 400 462 511 527
96101 118 182 329 350 380 498 486 601 661
97012 130 217 334 400 468 540 548 647 694
98106 123 236 305 400 485 490 562 620 731 750 793
99051  98 175 263 303 347 418 442 454 522 566 601
100008  80 132 162 166 215 291 414 498 508 527 551
101011  47 216 235 278 393 396 430 476 511 545 690
102351  96 103 136 284 299 352 387 398 441 465
103080 108 159 303 313 323 341 362 392 409 445
104222  99 229 238 345 360 461 504 510 529 615
105039  99 193 200 221 247 266 325 362 405 420
106243 229 252 263 334 412 501 517 612 684 722
107088 112 171 179 262 274 312 335 343 387 404
108097  40 116 168 183 218 253 265 362 394 438
109009  45 182 217 303 403 445 473 515 580 606
110013  99 133 200 204 279 284 362 460 524 597
111143  74 119 202 249 314 341 437 478 550 601
112080 123 151 183 290 368 432 469 519 575 605
113026  87 118 259 275 376 392 478 501 518 559
114062 145 182 248 309 407 428 453 546 621 692
115018  91 111 273 305 353 470 511 537 582 649
116019  83 176 226 264 284 308 348 361 424 483
117030  34 58 110 167 177 195 206 294 318 428
ΘΡΙΑΜΒΕΥΤΙΚΗ ΔΙΑ ΤΗΝ «ΑΕΚ» Η ΙΣΟΠΑΛΙΑ ΠΡΟΣ ΤΗΝ ΠΕΡΙΦΗΜΟΝ «ΜΠΕΝΦΙΚΑ» ΜΕ 2—2
ΣΥΝΕΧΕΙΑ ΕΚ ΤΗΣ 5ης ΣΕΛΙΔΟΣ. Η ΑΕΚ πέτυχε θριαμβευτικήν ισοπαλίαν 2—2 προς την περίφημον πρωταθλήτριαν Πορτογαλίας Μπενφίκα, εις τον αγώνα ο οποίος διεξήχθη χθες ενώπιον πλήθους φιλάθλων. Τα τέρματα της ΑΕΚ επέτυχαν οι παίκται της επιθέσεως κατά το δεύτερον ημίχρονον. ΤΟ ΤΟΥΡΝΟΥΑ ΤΗΣ «ΧΑΝΘ». Εις το τουρνουά της ΧΑΝΘ διεξήχθησαν οι αγώνες των ομάδων της πόλεως.
ΣΥΝΕΧΕΙΑ ΕΚ ΤΗΣ 5ης ΣΕΛΙΔΟΣ. Η ΑΕΚ πέτυχε θριαμβευτικήν ισοπαλίαν 2—2 προς την περίφημον πρωταθλήτριαν Πορτογαλίας Μπενφίκα, εις τον αγώνα ο οποίος διεξήχθη χθες ενώπιον πλήθους φιλάθλων. Τα τέρματα της ΑΕΚ επέτυχαν οι παίκται της επιθέσεως κατά το δεύτερον ημίχρονον. ΤΟ ΤΟΥΡΝΟΥΑ ΤΗΣ «ΧΑΝΘ». Εις το τουρνουά της ΧΑΝΘ διεξήχθησαν οι αγώνες των ομάδων της πόλεως.
ΣΥΝΕΧΕΙΑ ΕΚ ΤΗΣ 5ης ΣΕΛΙΔΟΣ. Η ΑΕΚ πέτυχε θριαμβευτικήν ισοπαλίαν 2—2 προς την περίφημον πρωταθλήτριαν Πορτογαλίας Μπενφίκα, εις τον αγώνα ο οποίος διεξήχθη χθες ενώπιον πλήθους φιλάθλων. Τα τέρματα της ΑΕΚ επέτυχαν οι παίκται της επιθέσεως κατά το δεύτερον ημίχρονον. ΤΟ ΤΟΥΡΝΟΥΑ ΤΗΣ «ΧΑΝΘ». Εις το τουρνουά της ΧΑΝΘ διεξήχθησαν οι αγώνες των ομάδων της πόλεως.
Ο ΑΓΩΝΕΣ ΤΟΥ «ΠΑΟ». ΑΘΗΝΑΙ, 29.— Ο Παναθηναϊκός ενίκησεν με 2—1 εις τον φιλικόν αγώνα. ΕΛΛΑΣ — ΒΕΛΓΙΟΝ 67—57. ΔΑΜΑΣΚΟΣ. ΙΤΑΛΙΑ — ΓΑΛΛΙΑ 53—45. ΔΑΜΑΣΚΟΣ, 29.— Εις το πρωτάθλημα καλαθοσφαιρίσεως η εθνική ομάς της Ελλάδος ενίκησε την αντίστοιχον του Βελγίου με 67—57. Οι αγώνες θα συνεχισθούν αύριον.
Ο ΑΓΩΝΕΣ ΤΟΥ «ΠΑΟ». ΑΘΗΝΑΙ, 29.— Ο Παναθηναϊκός ενίκησεν με 2—1 εις τον φιλικόν αγώνα. ΕΛΛΑΣ — ΒΕΛΓΙΟΝ 67—57. ΔΑΜΑΣΚΟΣ. ΙΤΑΛΙΑ — ΓΑΛΛΙΑ 53—45. ΔΑΜΑΣΚΟΣ, 29.— Εις το πρωτάθλημα καλαθοσφαιρίσεως η εθνική ομάς της Ελλάδος ενίκησε την αντίστοιχον του Βελγίου με 67—57. Οι αγώνες θα συνεχισθούν αύριον.
Ο ΑΓΩΝΕΣ ΤΟΥ «ΠΑΟ». ΑΘΗΝΑΙ, 29.— Ο Παναθηναϊκός ενίκησεν με 2—1 εις τον φιλικόν αγώνα. ΕΛΛΑΣ — ΒΕΛΓΙΟΝ 67—57. ΔΑΜΑΣΚΟΣ. ΙΤΑΛΙΑ — ΓΑΛΛΙΑ 53—45. ΔΑΜΑΣΚΟΣ, 29.— Εις το πρωτάθλημα καλαθοσφαιρίσεως η εθνική ομάς της Ελλάδος ενίκησε την αντίστοιχον του Βελγίου με 67—57. Οι αγώνες θα συνεχισθούν αύριον.
Σελίς 7
ΑΙΣΘΗΤΗΝ ΑΥΞΗΣΙΝ ΕΣΗΜΕΙΩΣΕ ΤΟΝ ΙΟΥΛΙΟΝ Ο ΑΡΙΘΜΟΣ ΤΩΝ ΑΦΙΧΘΕΝΤΩΝ ΤΟΥΡΙΣΤΩΝ
ΑΜΕΡΙΚΑΝΟΙ ΚΑΤΕΧΟΥΝ ΤΗΝ ΠΡΩΤΗΝ ΘΕΣΙΝ
ΑΘΗΝΑΙ, 29.— Κατ' ανακοίνωσιν του Εθνικού Οργανισμού Τουρισμού, ο αριθμός των αφιχθέντων τουριστών κατά τον μήνα Ιούλιον εσημείωσεν αισθητήν αύξησιν. Ανήλθεν εις 195.341 έναντι 170.820 του αντιστοίχου μηνός του παρελθόντος έτους. Αμερικανοί κατέχουν την πρώτην θέσιν με 36.139, ακολουθούν οι Γερμανοί, οι Άγγλοι και οι Γάλλοι.
ΑΘΗΝΑΙ, 29.— Κατ' ανακοίνωσιν του Εθνικού Οργανισμού Τουρισμού, ο αριθμός των αφιχθέντων τουριστών κατά τον μήνα Ιούλιον εσημείωσεν αισθητήν αύξησιν. Ανήλθεν εις 195.341 έναντι 170.820 του αντιστοίχου μηνός του παρελθόντος έτους. Αμερικανοί κατέχουν την πρώτην θέσιν με 36.139, ακολουθούν οι Γερμανοί, οι Άγγλοι και οι Γάλλοι.
Η ΑΣΤΥΝΟΜΙΑ ΕΜΗΝΥΣΕ ΣΤΕΛΕΧΗ ΤΗΣ ΕΔΗΝ ΑΓΡΙΝΙΟΥ ΕΠΕΙΔΗ ΑΝΗΡΤΗΣΑΝ ΕΙΣ ΤΑ ΓΡΑΦΕΙΑ ΤΗΣ ΠΙΝΑΚΙΣ ΜΕ ΣΥΝΘΗΜΑ «ΠΟΙΟΣ ΚΥΒΕΡΝΑ, Ο ΒΑΣΙΛΕΥΣ Η Ο ΛΑΟΣ»
ΑΠΕΒΙΩΣΕΝ ΑΙΦΝΙΔΙΩΣ ΣΥΜΒΟΥΛΟΣ ΤΟΥ ΟΡΓΑΝΙΣΜΟΥ ΕΡΓΑΤΙΚΗΣ ΚΑΤΟΙΚΙΑΣ
ΑΓΡΙΝΙΟΝ, 29.— Ο διοικητής της αστυνομίας Αγρινίου υπέβαλε μήνυσιν κατά στελεχών της ΕΔΗΝ, επειδή ανήρτησαν εις τα γραφεία πινακίδα με το σύνθημα «Ποιος κυβερνά, ο Βασιλεύς ή ο λαός». ΔΡΑΜΑ, 29.— Απεβίωσεν αιφνιδίως ο σύμβουλος του Οργανισμού Εργατικής Κατοικίας.
ΑΙ ΣΥΝΕΡΓΑΣΙΑΙ ΤΟΥ κ. ΜΑΝΩΛΟΠΟΥΛΟΥ
ΑΘΗΝΑΙ, 29.— Ο υπουργός Βορείου Ελλάδος κ. Μανωλόπουλος είχε συνεργασίας με τους αρμοδίους. Το υπουργείον Εμπορίου απεφάσισε την αναστολήν επ' αόριστον της εισαγωγής τυρού. ΑΘΗΝΑΙ, 29.— Επέστρεψεν εκ Ρώμης ο κ. Ανδρέας Παπανδρέου.
ΑΝΕΣΤΑΛΗ ΕΠ' ΑΟΡΙΣΤΟΝ Η ΕΙΣΑΓΩΓΗ ΤΥΡΟΥ
ΕΠΕΣΤΡΕΨΕΝ ΕΞ ΡΩΜΗΣ Ο ΑΝΔΡΕΑΣ ΠΑΠΑΝΔΡΕΟΥ
ΑΓΡΙΝΙΟΝ, 29.— Ο διοικητής της αστυνομίας Αγρινίου υπέβαλε μήνυσιν κατά στελεχών της ΕΔΗΝ, επειδή ανήρτησαν εις τα γραφεία πινακίδα με το σύνθημα «Ποιος κυβερνά, ο Βασιλεύς ή ο λαός». ΔΡΑΜΑ, 29.— Απεβίωσεν αιφνιδίως ο σύμβουλος του Οργανισμού Εργατικής Κατοικίας.
ΑΘΗΝΑΙ, 29.— Ο υπουργός Βορείου Ελλάδος κ. Μανωλόπουλος είχε συνεργασίας με τους αρμοδίους. Το υπουργείον Εμπορίου απεφάσισε την αναστολήν επ' αόριστον της εισαγωγής τυρού. ΑΘΗΝΑΙ, 29.— Επέστρεψεν εκ Ρώμης ο κ. Ανδρέας Παπανδρέου.
ΑΓΡΙΝΙΟΝ, 29.— Ο διοικητής της αστυνομίας Αγρινίου υπέβαλε μήνυσιν κατά στελεχών της ΕΔΗΝ, επειδή ανήρτησαν εις τα γραφεία πινακίδα με το σύνθημα «Ποιος κυβερνά, ο Βασιλεύς ή ο λαός». ΔΡΑΜΑ, 29.— Απεβίωσεν αιφνιδίως ο σύμβουλος του Οργανισμού Εργατικής Κατοικίας.
ΑΝΑΜΕΝΕΤΑΙ Η ΕΚΘΕΣΙΣ ΕΜΠΕΙΡΟΓΝΩΜΟΝΩΝ ΔΙΑ ΤΗΝ ΑΡΣΙΝ Η ΚΑΤΑΣΧΕΣΙΝ ΟΙΝΟΠΟΙΗΣΕΩΣ ΕΙΣ ΟΛΑΣ ΤΑΣ ΑΜΠΕΛΟΥΡΓΙΚΑΣ ΠΕΡΙΟΧΑΣ
ΑΘΗΝΑΙ, 29.— Αναμένεται η έκθεσις των εμπειρογνωμόνων δια την άρσιν της κατασχέσεως οινοποιήσεως εις όλας τας αμπελουργικάς περιοχάς της χώρας, ώστε να αποφασισθή η σχετική πολιτική.
ΑΘΗΝΑΙ, 29.— Αναμένεται η έκθεσις των εμπειρογνωμόνων δια την άρσιν της κατασχέσεως οινοποιήσεως εις όλας τας αμπελουργικάς περιοχάς της χώρας, ώστε να αποφασισθή η σχετική πολιτική.
ΑΘΗΝΑΙ, 29.— Αναμένεται η έκθεσις των εμπειρογνωμόνων δια την άρσιν της κατασχέσεως οινοποιήσεως εις όλας τας αμπελουργικάς περιοχάς της χώρας, ώστε να αποφασισθή η σχετική πολιτική.
ΑΘΗΝΑΙ, 29.— Αναμένεται η έκθεσις των εμπειρογνωμόνων δια την άρσιν της κατασχέσεως οινοποιήσεως εις όλας τας αμπελουργικάς περιοχάς της χώρας, ώστε να αποφασισθή η σχετική πολιτική.
ΠΡΟΩΘΕΙΤΑΙ Η ΔΙΑΔΙΚΑΣΙΑ ΤΡΟΠΟΠΟΙΗΣΕΩΣ ΤΩΝ ΟΡΓΑΝΙΣΜΩΝ ΓΕΝΙΚΩΝ ΝΟΣΟΚΟΜΕΙΩΝ
ΑΘΗΝΑΙ, 29.— Εις το υπουργείον Κοινωνικών Υπηρεσιών προωθείται η διαδικασία τροποποιήσεως των οργανισμών των γενικών νοσοκομείων της χώρας.
ΑΘΗΝΑΙ, 29.— Εις το υπουργείον Κοινωνικών Υπηρεσιών προωθείται η διαδικασία τροποποιήσεως των οργανισμών των γενικών νοσοκομείων της χώρας.
ΑΘΗΝΑΙ, 29.— Εις το υπουργείον Κοινωνικών Υπηρεσιών προωθείται η διαδικασία τροποποιήσεως των οργανισμών των γενικών νοσοκομείων της χώρας.
ΑΘΗΝΑΙ, 29.— Εις το υπουργείον Κοινωνικών Υπηρεσιών προωθείται η διαδικασία τροποποιήσεως των οργανισμών των γενικών νοσοκομείων της χώρας.
ΑΝΤΙΔΡΟΥΝ ΕΙΣ ΤΑ ΣΧΕΔΙΑ ΚΑΝΕΛΛΟΠΟΥΛΟΥ ΜΑΡΚΕΖΙΝΗ ΠΙΠΙΝΕΛΗΣ ΚΑΙ ΟΙ ΣΥΝ ΑΥΤΟΙΣ
ΕΡΕ
ΣΥΝΕΧΕΙΑ ΕΚ ΤΗΣ 1ης ΣΕΛΙΔΟΣ. Οι βουλευταί της ΕΡΕ αντιδρούν εις τα σχέδια του κ. Κανελλοπούλου, ενώ οι κ.κ. Μαρκεζίνης και Πιπινέλης, ως και οι συν αυτοίς, διαφωνούν προς την ακολουθουμένην πολιτικήν. Κατά πληροφορίας η ηγεσία του κόμματος θα συνέλθη εντός των ημερών.
ΣΥΝΕΧΕΙΑ ΕΚ ΤΗΣ 1ης ΣΕΛΙΔΟΣ. Οι βουλευταί της ΕΡΕ αντιδρούν εις τα σχέδια του κ. Κανελλοπούλου, ενώ οι κ.κ. Μαρκεζίνης και Πιπινέλης, ως και οι συν αυτοίς, διαφωνούν προς την ακολουθουμένην πολιτικήν. Κατά πληροφορίας η ηγεσία του κόμματος θα συνέλθη εντός των ημερών.
ΣΥΝΕΧΕΙΑ ΕΚ ΤΗΣ 1ης ΣΕΛΙΔΟΣ. Οι βουλευταί της ΕΡΕ αντιδρούν εις τα σχέδια του κ. Κανελλοπούλου, ενώ οι κ.κ. Μαρκεζίνης και Πιπινέλης, ως και οι συν αυτοίς, διαφωνούν προς την ακολουθουμένην πολιτικήν. Κατά πληροφορίας η ηγεσία του κόμματος θα συνέλθη εντός των ημερών.
ΣΥΝΕΧΕΙΑ ΕΚ ΤΗΣ 1ης ΣΕΛΙΔΟΣ. Οι βουλευταί της ΕΡΕ αντιδρούν εις τα σχέδια του κ. Κανελλοπούλου, ενώ οι κ.κ. Μαρκεζίνης και Πιπινέλης, ως και οι συν αυτοίς, διαφωνούν προς την ακολουθουμένην πολιτικήν. Κατά πληροφορίας η ηγεσία του κόμματος θα συνέλθη εντός των ημερών.
ΣΥΝΕΧΕΙΑ ΕΚ ΤΗΣ 1ης ΣΕΛΙΔΟΣ. Οι βουλευταί της ΕΡΕ αντιδρούν εις τα σχέδια του κ. Κανελλοπούλου, ενώ οι κ.κ. Μαρκεζίνης και Πιπινέλης, ως και οι συν αυτοίς, διαφωνούν προς την ακολουθουμένην πολιτικήν. Κατά πληροφορίας η ηγεσία του κόμματος θα συνέλθη εντός των ημερών.
ΕΙΣ ΠΛΗΡΗ ΣΥΓΧΥΣΙΝ
Εις πλήρη σύγχυσιν ευρίσκονται τα πράγματα εις την ΕΡΕ, δεδομένου ότι αι απόψεις των στελεχών διίστανται.
ΣΥΝΕΧΕΙΑ ΕΚ ΤΗΣ 1ης ΣΕΛΙΔΟΣ. Οι βουλευταί της ΕΡΕ αντιδρούν εις τα σχέδια του κ. Κανελλοπούλου, ενώ οι κ.κ. Μαρκεζίνης και Πιπινέλης, ως και οι συν αυτοίς, διαφωνούν προς την ακολουθουμένην πολιτικήν. Κατά πληροφορίας η ηγεσία του κόμματος θα συνέλθη εντός των ημερών.
Εις πλήρη σύγχυσιν ευρίσκονται τα πράγματα εις την ΕΡΕ, δεδομένου ότι αι απόψεις των στελεχών διίστανται.
ΣΥΝΕΧΕΙΑ ΕΚ ΤΗΣ 1ης ΣΕΛΙΔΟΣ. Οι βουλευταί της ΕΡΕ αντιδρούν εις τα σχέδια του κ. Κανελλοπούλου, ενώ οι κ.κ. Μαρκεζίνης και Πιπινέλης, ως και οι συν αυτοίς, διαφωνούν προς την ακολουθουμένην πολιτικήν. Κατά πληροφορίας η ηγεσία του κόμματος θα συνέλθη εντός των ημερών.
ΣΥΝΕΧΕΙΑ ΕΚ ΤΗΣ 1ης ΣΕΛΙΔΟΣ. Οι βουλευταί της ΕΡΕ αντιδρούν εις τα σχέδια του κ. Κανελλοπούλου, ενώ οι κ.κ. Μαρκεζίνης και Πιπινέλης, ως και οι συν αυτοίς, διαφωνούν προς την ακολουθουμένην πολιτικήν. Κατά πληροφορίας η ηγεσία του κόμματος θα συνέλθη εντός των ημερών.
ΣΥΝΕΧΕΙΑ ΕΚ ΤΗΣ 1ης ΣΕΛΙΔΟΣ. Οι βουλευταί της ΕΡΕ αντιδρούν εις τα σχέδια του κ. Κανελλοπούλου, ενώ οι κ.κ. Μαρκεζίνης και Πιπινέλης, ως και οι συν αυτοίς, διαφωνούν προς την ακολουθουμένην πολιτικήν. Κατά πληροφορίας η ηγεσία του κόμματος θα συνέλθη εντός των ημερών.
Εις πλήρη σύγχυσιν ευρίσκονται τα πράγματα εις την ΕΡΕ, δεδομένου ότι αι απόψεις των στελεχών διίστανται.
ΣΥΝΕΧΕΙΑ ΕΚ ΤΗΣ 1ης ΣΕΛΙΔΟΣ. Οι βουλευταί της ΕΡΕ αντιδρούν εις τα σχέδια του κ. Κανελλοπούλου, ενώ οι κ.κ. Μαρκεζίνης και Πιπινέλης, ως και οι συν αυτοίς, διαφωνούν προς την ακολουθουμένην πολιτικήν. Κατά πληροφορίας η ηγεσία του κόμματος θα συνέλθη εντός των ημερών.
Ο κ. ΓΑΡΟΥΦΑΛΙΑΣ
Εις το νέον Άργος ο κ. Γαρουφαλιάς ανέπτυξε τας απόψεις του επί των τρεχόντων ζητημάτων και ετόνισε την ανάγκην ενότητος.
Εις το νέον Άργος ο κ. Γαρουφαλιάς ανέπτυξε τας απόψεις του επί των τρεχόντων ζητημάτων και ετόνισε την ανάγκην ενότητος.
Εις το νέον Άργος ο κ. Γαρουφαλιάς ανέπτυξε τας απόψεις του επί των τρεχόντων ζητημάτων και ετόνισε την ανάγκην ενότητος.
